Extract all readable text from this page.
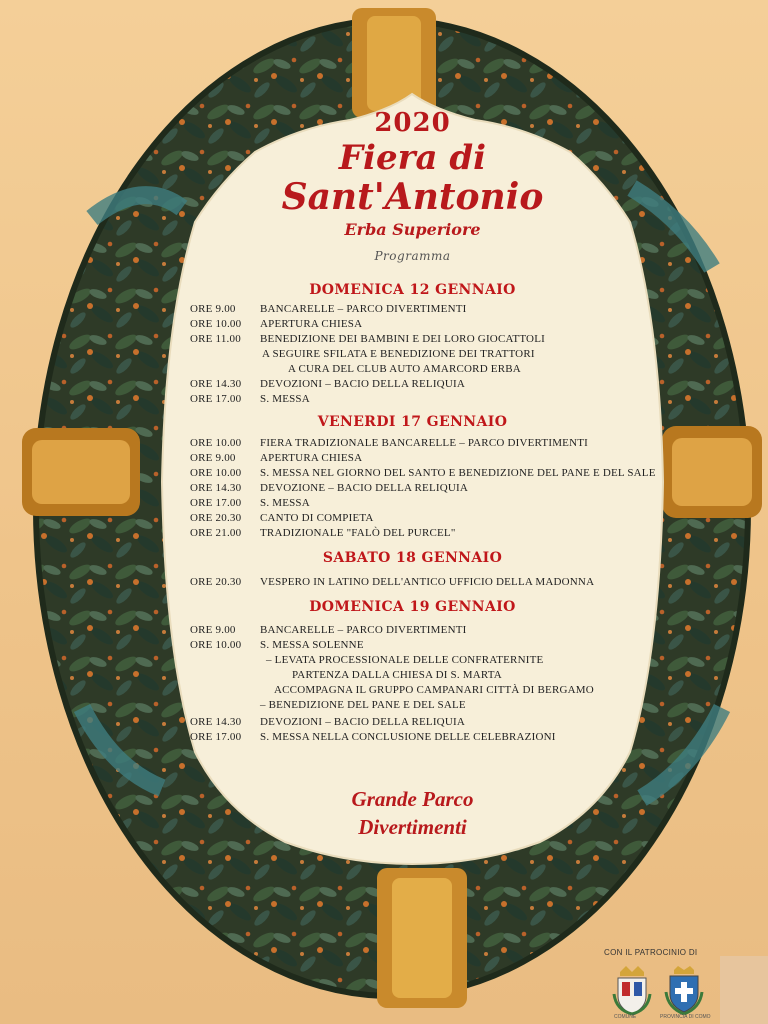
2020
Fiera di
Sant'Antonio
Erba Superiore
Programma
DOMENICA 12 GENNAIO
ORE 9.00 BANCARELLE – PARCO DIVERTIMENTI
ORE 10.00 APERTURA CHIESA
ORE 11.00 BENEDIZIONE DEI BAMBINI E DEI LORO GIOCATTOLI
A SEGUIRE SFILATA E BENEDIZIONE DEI TRATTORI
A CURA DEL CLUB AUTO AMARCORD ERBA
ORE 14.30 DEVOZIONI – BACIO DELLA RELIQUIA
ORE 17.00 S. MESSA
VENERDI 17 GENNAIO
ORE 10.00 FIERA TRADIZIONALE BANCARELLE – PARCO DIVERTIMENTI
ORE 9.00 APERTURA CHIESA
ORE 10.00 S. MESSA NEL GIORNO DEL SANTO E BENEDIZIONE DEL PANE E DEL SALE
ORE 14.30 DEVOZIONE – BACIO DELLA RELIQUIA
ORE 17.00 S. MESSA
ORE 20.30 CANTO DI COMPIETA
ORE 21.00 TRADIZIONALE "FALÒ DEL PURCEL"
SABATO 18 GENNAIO
ORE 20.30 VESPERO IN LATINO DELL'ANTICO UFFICIO DELLA MADONNA
DOMENICA 19 GENNAIO
ORE 9.00 BANCARELLE – PARCO DIVERTIMENTI
ORE 10.00 S. MESSA SOLENNE
– LEVATA PROCESSIONALE DELLE CONFRATERNITE
PARTENZA DALLA CHIESA DI S. MARTA
ACCOMPAGNA IL GRUPPO CAMPANARI CITTÀ DI BERGAMO
– BENEDIZIONE DEL PANE E DEL SALE
ORE 14.30 DEVOZIONI – BACIO DELLA RELIQUIA
ORE 17.00 S. MESSA NELLA CONCLUSIONE DELLE CELEBRAZIONI
Grande Parco
Divertimenti
CON IL PATROCINIO DI
COMUNE	PROVINCIA DI COMO
